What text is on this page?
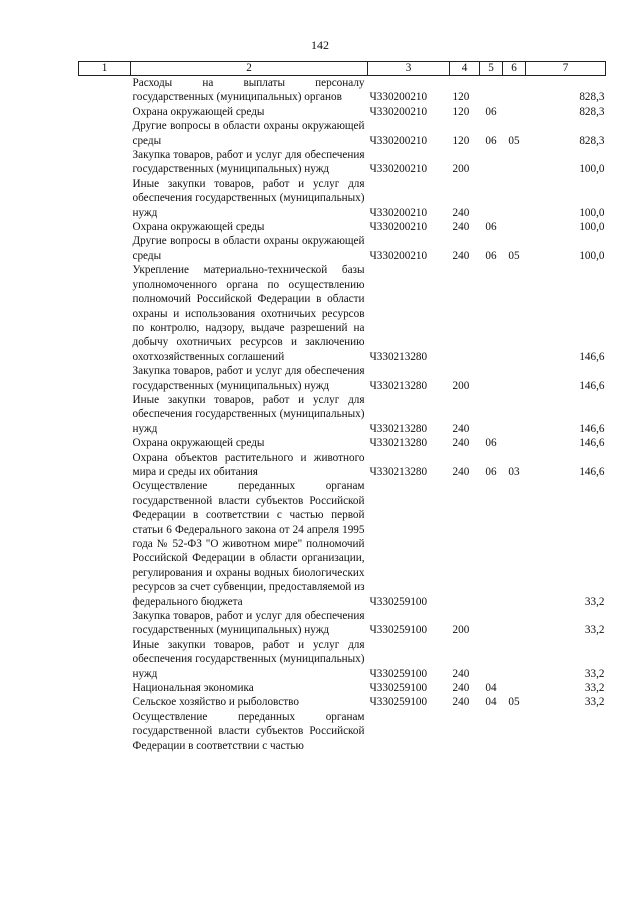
142
1	2	3	4	5	6	7
	Расходы на выплаты персоналу государственных (муниципальных) органов	Ч330200210	120			828,3
	Охрана окружающей среды	Ч330200210	120	06		828,3
	Другие вопросы в области охраны окружающей среды	Ч330200210	120	06	05	828,3
	Закупка товаров, работ и услуг для обеспечения государственных (муниципальных) нужд	Ч330200210	200			100,0
	Иные закупки товаров, работ и услуг для обеспечения государственных (муниципальных) нужд	Ч330200210	240			100,0
	Охрана окружающей среды	Ч330200210	240	06		100,0
	Другие вопросы в области охраны окружающей среды	Ч330200210	240	06	05	100,0
	Укрепление материально-технической базы уполномоченного органа по осуществлению полномочий Российской Федерации в области охраны и использования охотничьих ресурсов по контролю, надзору, выдаче разрешений на добычу охотничьих ресурсов и заключению охотхозяйственных соглашений	Ч330213280				146,6
	Закупка товаров, работ и услуг для обеспечения государственных (муниципальных) нужд	Ч330213280	200			146,6
	Иные закупки товаров, работ и услуг для обеспечения государственных (муниципальных) нужд	Ч330213280	240			146,6
	Охрана окружающей среды	Ч330213280	240	06		146,6
	Охрана объектов растительного и животного мира и среды их обитания	Ч330213280	240	06	03	146,6
	Осуществление переданных органам государственной власти субъектов Российской Федерации в соответствии с частью первой статьи 6 Федерального закона от 24 апреля 1995 года № 52-ФЗ "О животном мире" полномочий Российской Федерации в области организации, регулирования и охраны водных биологических ресурсов за счет субвенции, предоставляемой из федерального бюджета	Ч330259100				33,2
	Закупка товаров, работ и услуг для обеспечения государственных (муниципальных) нужд	Ч330259100	200			33,2
	Иные закупки товаров, работ и услуг для обеспечения государственных (муниципальных) нужд	Ч330259100	240			33,2
	Национальная экономика	Ч330259100	240	04		33,2
	Сельское хозяйство и рыболовство	Ч330259100	240	04	05	33,2
	Осуществление переданных органам государственной власти субъектов Российской Федерации в соответствии с частью					
